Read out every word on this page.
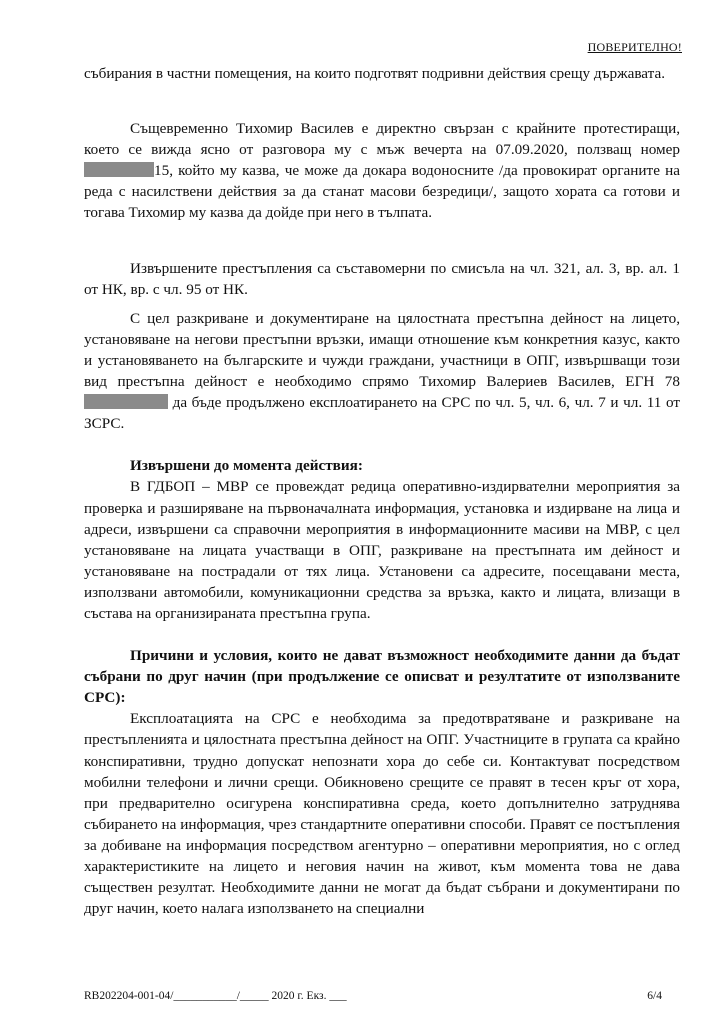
ПОВЕРИТЕЛНО!

събирания в частни помещения, на които подготвят подривни действия срещу държавата.

Същевременно Тихомир Василев е директно свързан с крайните протестиращи, което се вижда ясно от разговора му с мъж вечерта на 07.09.2020, ползващ номер 15, който му казва, че може да докара водоносните /да провокират органите на реда с насилствени действия за да станат масови безредици/, защото хората са готови и тогава Тихомир му казва да дойде при него в тълпата.

Извършените престъпления са съставомерни по смисъла на чл. 321, ал. 3, вр. ал. 1 от НК, вр. с чл. 95 от НК.

С цел разкриване и документиране на цялостната престъпна дейност на лицето, установяване на негови престъпни връзки, имащи отношение към конкретния казус, както и установяването на българските и чужди граждани, участници в ОПГ, извършващи този вид престъпна дейност е необходимо спрямо Тихомир Валериев Василев, ЕГН 78 да бъде продължено експлоатирането на СРС по чл. 5, чл. 6, чл. 7 и чл. 11 от ЗСРС.

Извършени до момента действия:

В ГДБОП – МВР се провеждат редица оперативно-издирвателни мероприятия за проверка и разширяване на първоначалната информация, установка и издирване на лица и адреси, извършени са справочни мероприятия в информационните масиви на МВР, с цел установяване на лицата участващи в ОПГ, разкриване на престъпната им дейност и установяване на пострадали от тях лица. Установени са адресите, посещавани места, използвани автомобили, комуникационни средства за връзка, както и лицата, влизащи в състава на организираната престъпна група.

Причини и условия, които не дават възможност необходимите данни да бъдат събрани по друг начин (при продължение се описват и резултатите от използваните СРС):

Експлоатацията на СРС е необходима за предотвратяване и разкриване на престъпленията и цялостната престъпна дейност на ОПГ. Участниците в групата са крайно конспиративни, трудно допускат непознати хора до себе си. Контактуват посредством мобилни телефони и лични срещи. Обикновено срещите се правят в тесен кръг от хора, при предварително осигурена конспиративна среда, което допълнително затруднява събирането на информация, чрез стандартните оперативни способи. Правят се постъпления за добиване на информация посредством агентурно – оперативни мероприятия, но с оглед характеристиките на лицето и неговия начин на живот, към момента това не дава съществен резултат. Необходимите данни не могат да бъдат събрани и документирани по друг начин, което налага използването на специални

RB202204-001-04/___________/_____ 2020 г. Екз. ___	6/4
